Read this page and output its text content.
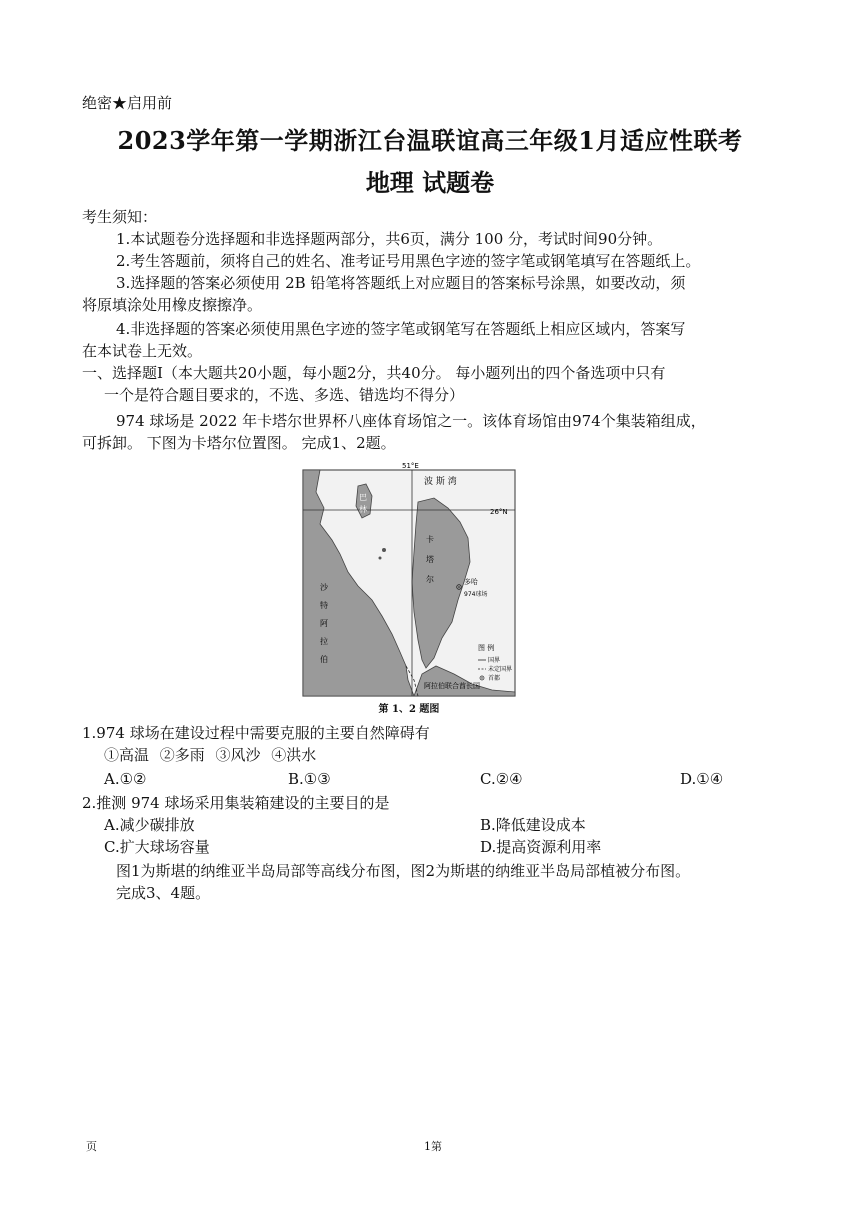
绝密★启用前
2023学年第一学期浙江台温联谊高三年级1月适应性联考
地理 试题卷
考生须知：
1.本试题卷分选择题和非选择题两部分，共6页，满分 100 分，考试时间90分钟。
2.考生答题前，须将自己的姓名、准考证号用黑色字迹的签字笔或钢笔填写在答题纸上。
3.选择题的答案必须使用 2B 铅笔将答题纸上对应题目的答案标号涂黑，如要改动，须
将原填涂处用橡皮擦擦净。
4.非选择题的答案必须使用黑色字迹的签字笔或钢笔写在答题纸上相应区域内，答案写
在本试卷上无效。
一、选择题Ⅰ（本大题共20小题，每小题2分，共40分。 每小题列出的四个备选项中只有
一个是符合题目要求的，不选、多选、错选均不得分）
974 球场是 2022 年卡塔尔世界杯八座体育场馆之一。该体育场馆由974个集装箱组成，
可拆卸。 下图为卡塔尔位置图。 完成1、2题。
51°E
26°N
波 斯 湾
巴
林
卡
塔
尔	多哈
974球场
沙
特
阿
拉
伯
阿拉伯联合酋长国
图 例
国界
未定国界
首都
第 1、2 题图
1.974 球场在建设过程中需要克服的主要自然障碍有
①高温 ②多雨 ③风沙 ④洪水
A.①②	B.①③	C.②④	D.①④
2.推测 974 球场采用集装箱建设的主要目的是
A.减少碳排放	B.降低建设成本
C.扩大球场容量	D.提高资源利用率
图1为斯堪的纳维亚半岛局部等高线分布图，图2为斯堪的纳维亚半岛局部植被分布图。
完成3、4题。
页	1第
